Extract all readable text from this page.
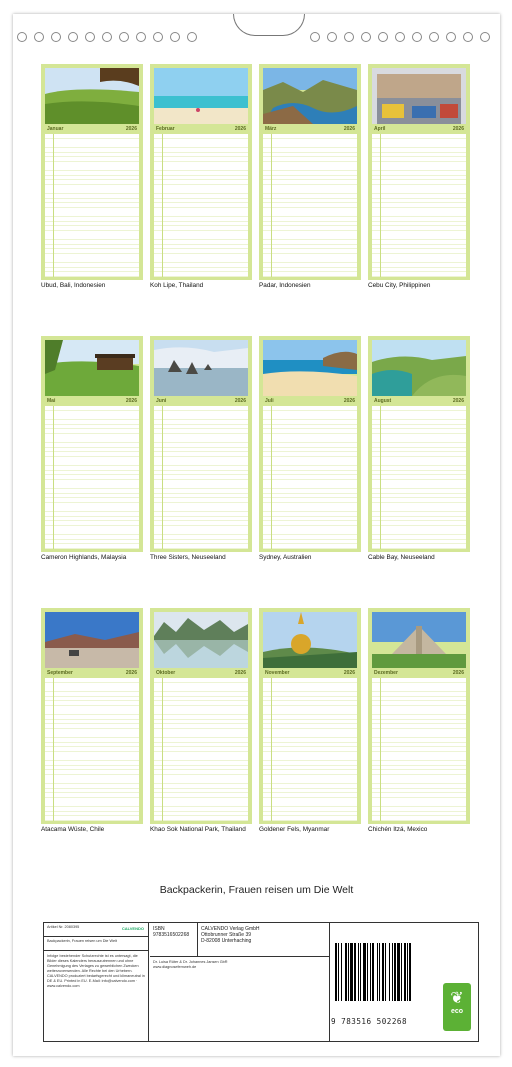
Januar	2026
Ubud, Bali, Indonesien
Februar	2026
Koh Lipe, Thailand
März	2026
Padar, Indonesien
April	2026
Cebu City, Philippinen
Mai	2026
Cameron Highlands, Malaysia
Juni	2026
Three Sisters, Neuseeland
Juli	2026
Sydney, Australien
August	2026
Cable Bay, Neuseeland
September	2026
Atacama Wüste, Chile
Oktober	2026
Khao Sok National Park, Thailand
November	2026
Goldener Fels, Myanmar
Dezember	2026
Chichén Itzá, Mexico
Backpackerin, Frauen reisen um Die Welt
Artikel Nr. 2080395	CALVENDO
Backpackerin, Frauen reisen um Die Welt
Infolge bestehender Schutzrechte ist es untersagt, die Bilder dieses Kalenders herauszutrennen und ohne Genehmigung des Verlages zu gewerblichen Zwecken weiterzuverwenden. Alle Rechte bei den Urhebern. CALVENDO produziert bedarfsgerecht und klimaneutral in DE & EU. Printed in EU. E-Mail: info@calvendo.com · www.calvendo.com
ISBN 9783516502268
CALVENDO Verlag GmbH
Ottobrunner Straße 39
D-82008 Unterhaching
Dr. Luisa Rüter & Dr. Johannes Jansen GbR
www.diagnosefernweh.de
9 783516 502268
❦
eco
